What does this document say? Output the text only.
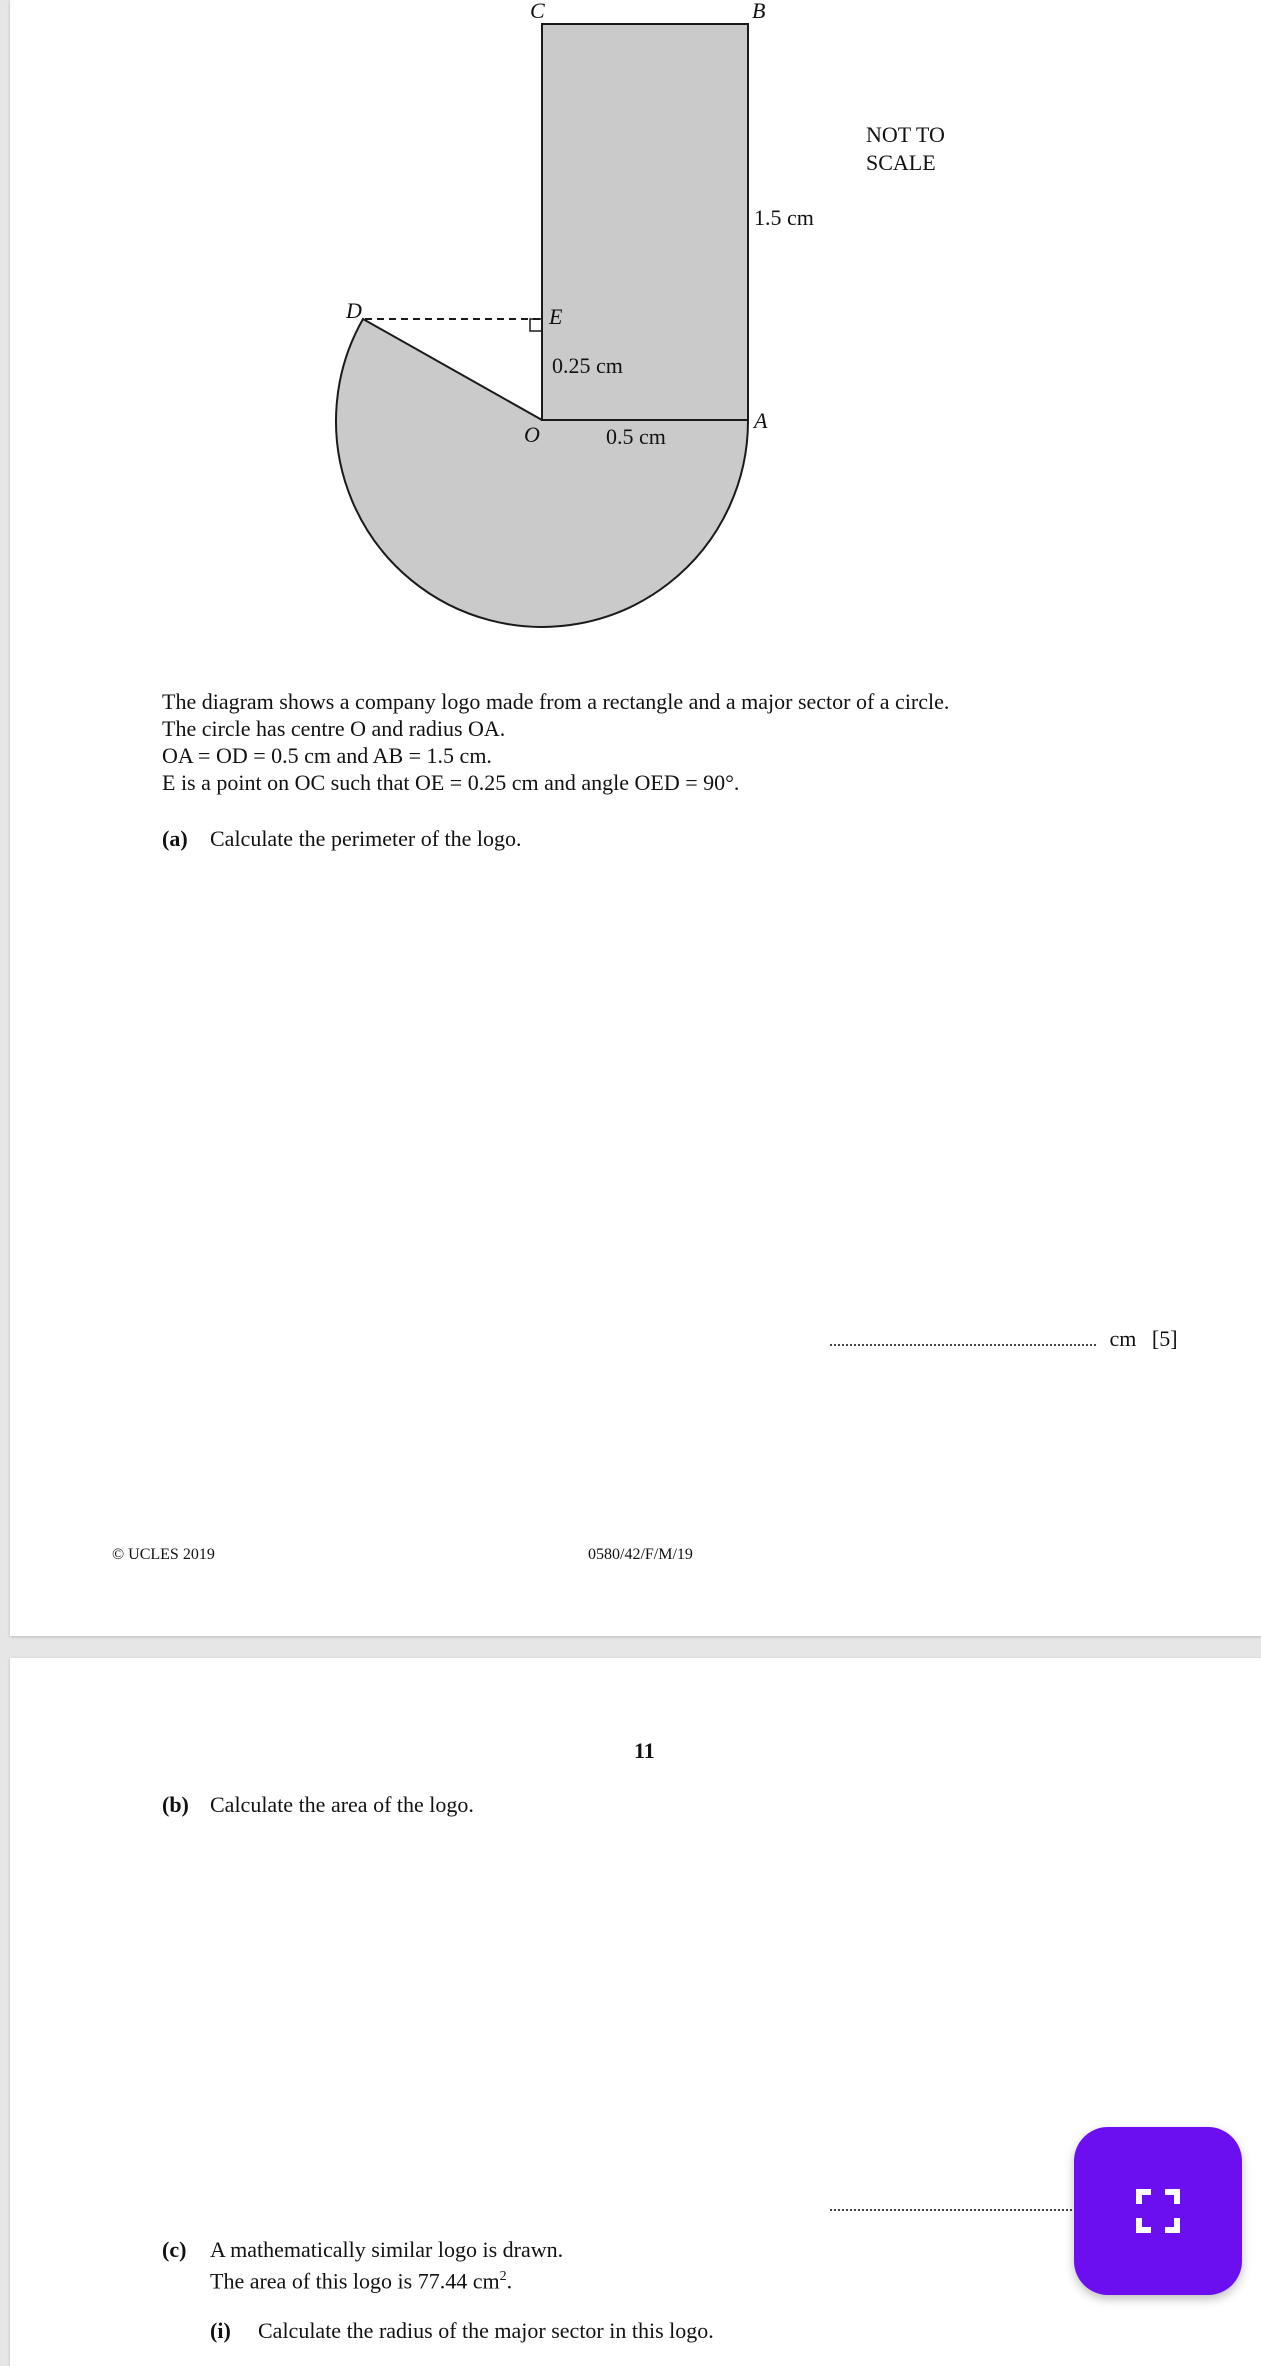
C	B
D	E
O
A
1.5 cm
0.25 cm
0.5 cm
NOT TO
SCALE
The diagram shows a company logo made from a rectangle and a major sector of a circle.
The circle has centre O and radius OA.
OA = OD = 0.5 cm and AB = 1.5 cm.
E is a point on OC such that OE = 0.25 cm and angle OED = 90°.
(a) Calculate the perimeter of the logo.
cm [5]
© UCLES 2019	0580/42/F/M/19
11
(b) Calculate the area of the logo.
(c) A mathematically similar logo is drawn.
The area of this logo is 77.44 $cm^2$.
(i) Calculate the radius of the major sector in this logo.
